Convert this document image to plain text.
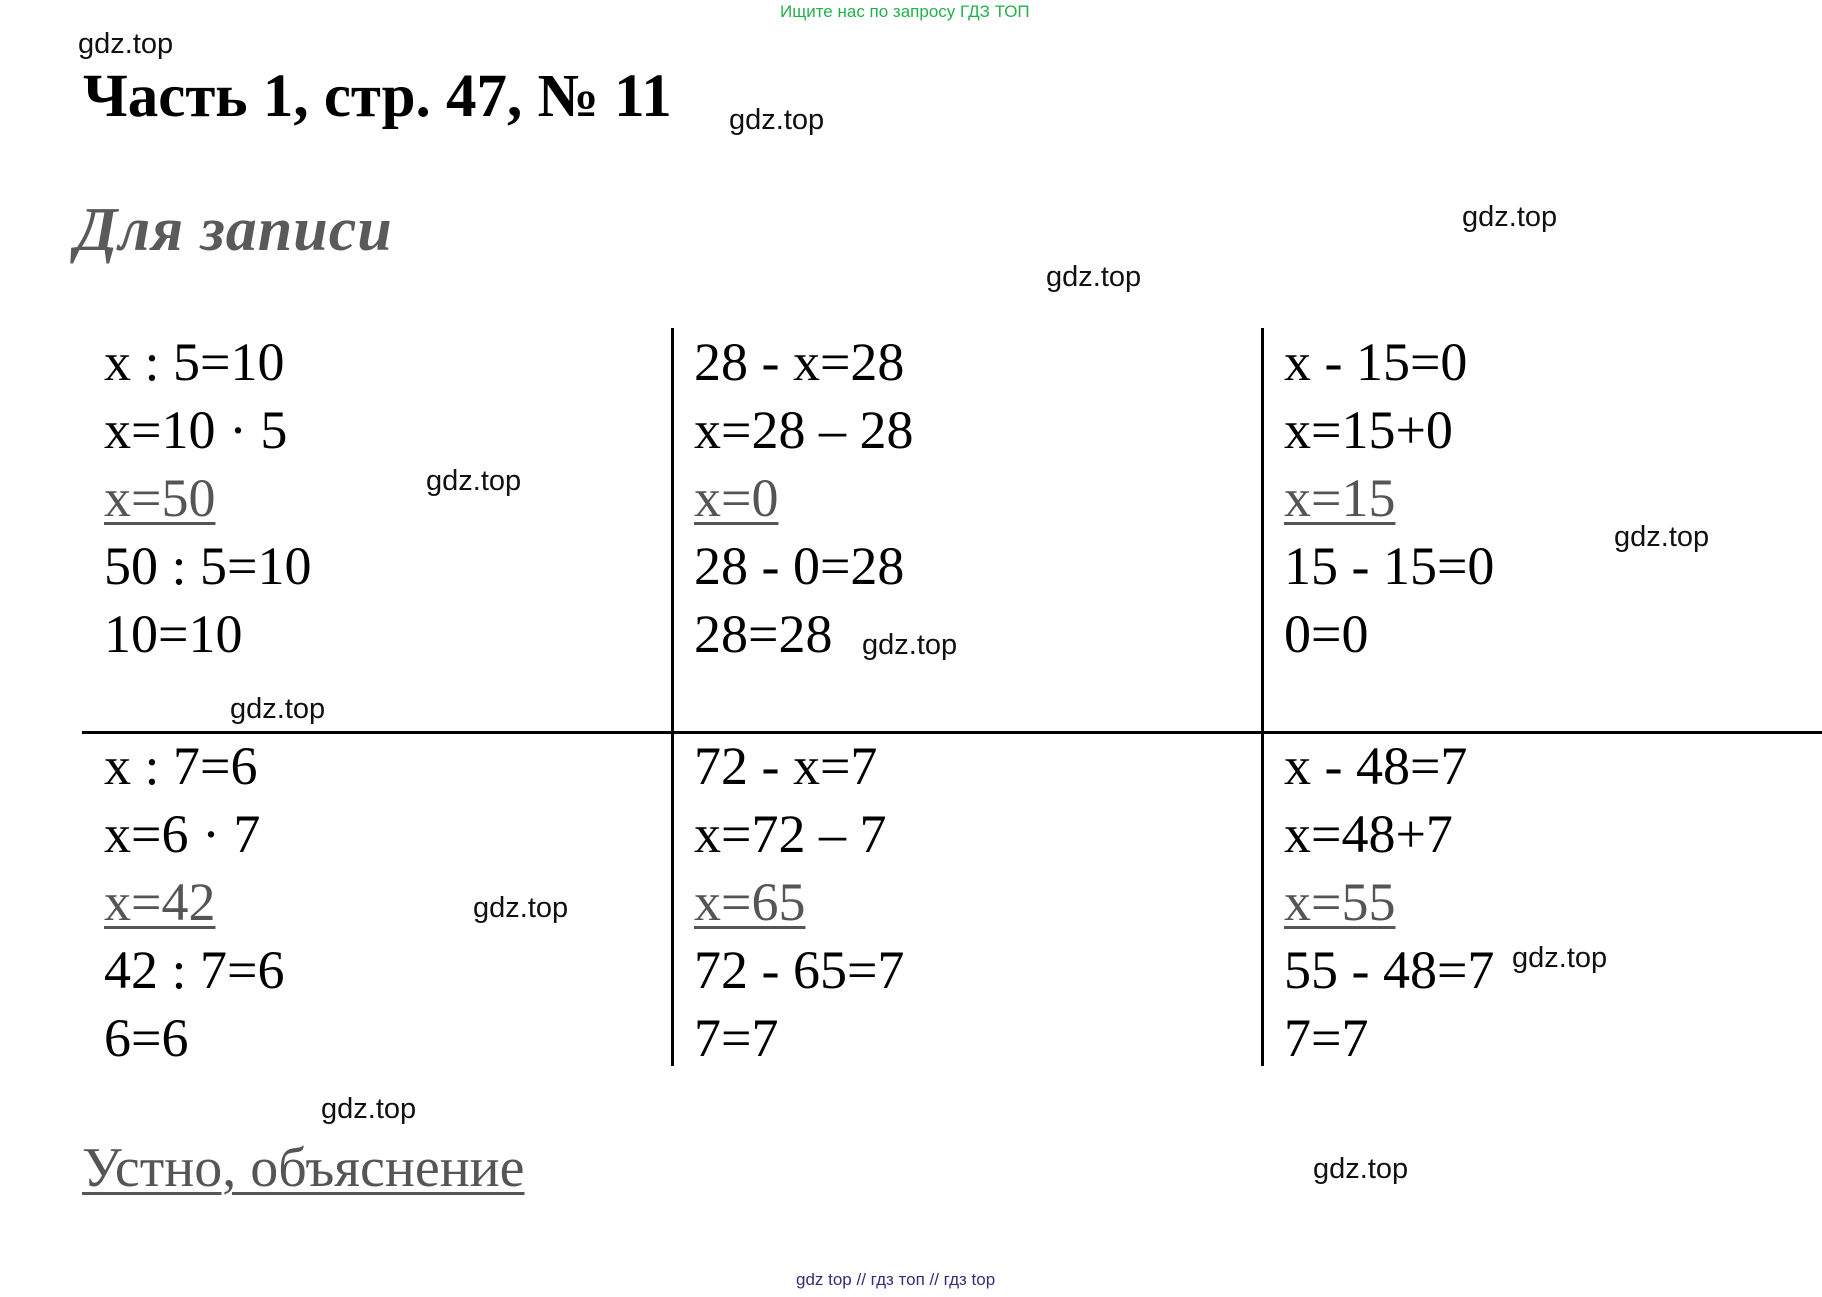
Ищите нас по запросу ГДЗ ТОП
Часть 1, стр. 47, № 11
Для записи
x : 5=10
x=10 · 5
x=50
50 : 5=10
10=10
28 - x=28
x=28 – 28
x=0
28 - 0=28
28=28
x - 15=0
x=15+0
x=15
15 - 15=0
0=0
x : 7=6
x=6 · 7
x=42
42 : 7=6
6=6
72 - x=7
x=72 – 7
x=65
72 - 65=7
7=7
x - 48=7
x=48+7
x=55
55 - 48=7
7=7
Устно, объяснение
gdz.top
gdz.top
gdz.top
gdz.top
gdz.top
gdz.top
gdz.top
gdz.top
gdz.top
gdz.top
gdz.top
gdz.top
gdz top // гдз топ // гдз top
